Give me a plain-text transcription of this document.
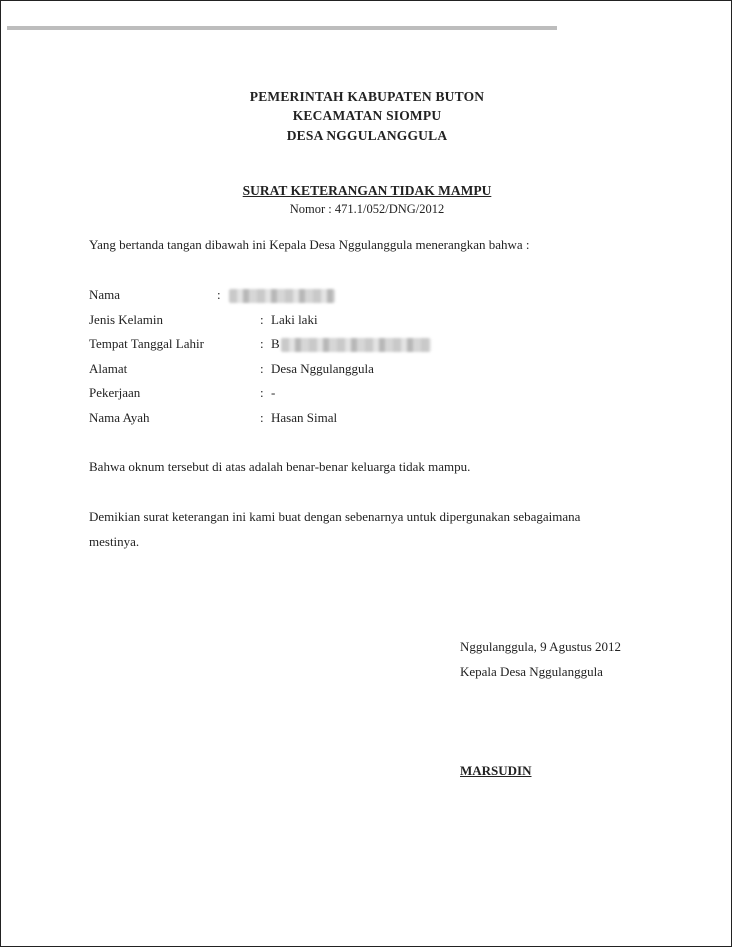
PEMERINTAH KABUPATEN BUTON
KECAMATAN SIOMPU
DESA NGGULANGGULA
SURAT KETERANGAN TIDAK MAMPU
Nomor : 471.1/052/DNG/2012
Yang bertanda tangan dibawah ini Kepala Desa Nggulanggula menerangkan bahwa :
Nama	:
Jenis Kelamin	: Laki laki
Tempat Tanggal Lahir	: B
Alamat	: Desa Nggulanggula
Pekerjaan	: -
Nama Ayah	: Hasan Simal
Bahwa oknum tersebut di atas adalah benar-benar keluarga tidak mampu.
Demikian surat keterangan ini kami buat dengan sebenarnya untuk dipergunakan sebagaimana
mestinya.
Nggulanggula, 9 Agustus 2012
Kepala Desa Nggulanggula
MARSUDIN
